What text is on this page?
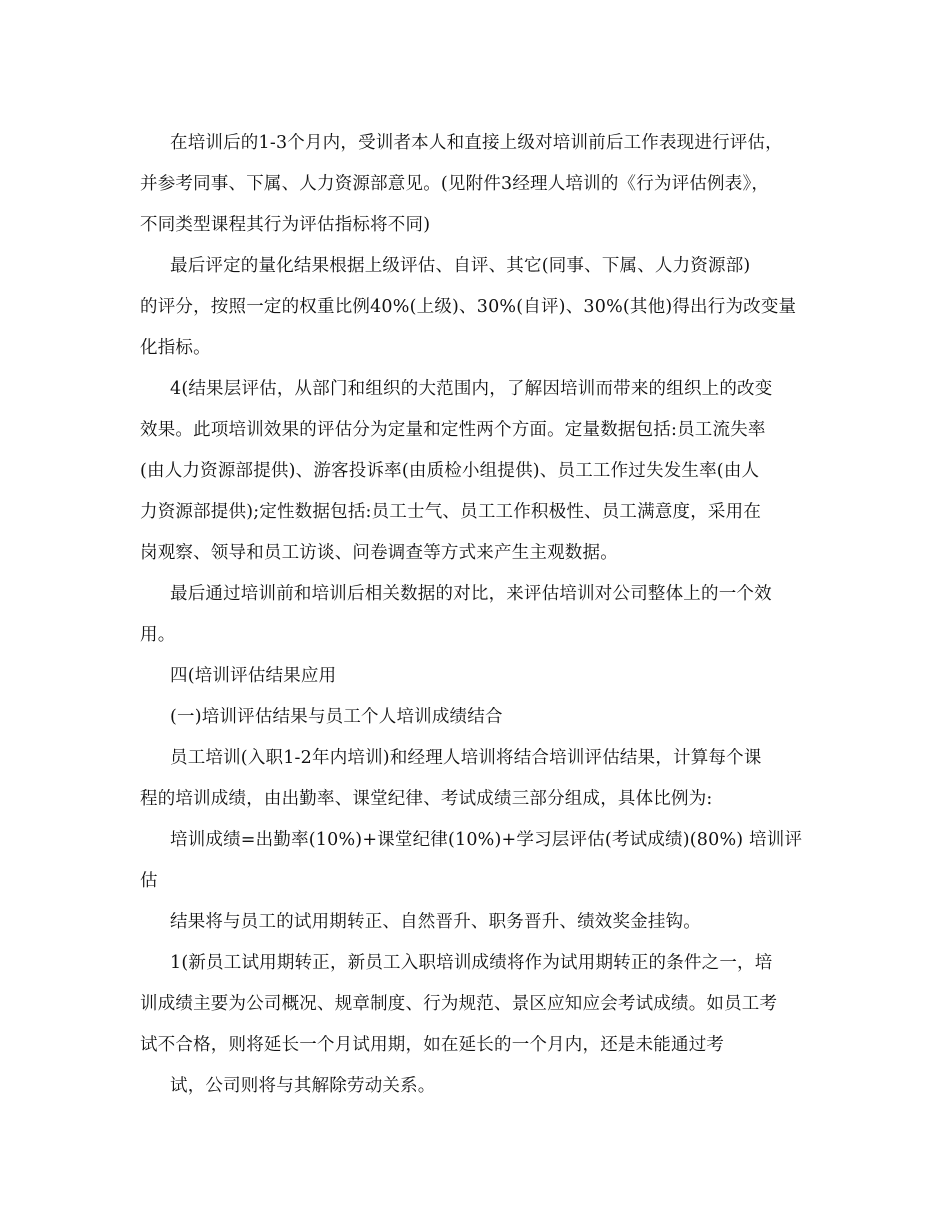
在培训后的1-3个月内，受训者本人和直接上级对培训前后工作表现进行评估，
并参考同事、下属、人力资源部意见。(见附件3经理人培训的《行为评估例表》，
不同类型课程其行为评估指标将不同)
最后评定的量化结果根据上级评估、自评、其它(同事、下属、人力资源部)
的评分，按照一定的权重比例40%(上级)、30%(自评)、30%(其他)得出行为改变量
化指标。
4(结果层评估，从部门和组织的大范围内，了解因培训而带来的组织上的改变
效果。此项培训效果的评估分为定量和定性两个方面。定量数据包括:员工流失率
(由人力资源部提供)、游客投诉率(由质检小组提供)、员工工作过失发生率(由人
力资源部提供);定性数据包括:员工士气、员工工作积极性、员工满意度，采用在
岗观察、领导和员工访谈、问卷调查等方式来产生主观数据。
最后通过培训前和培训后相关数据的对比，来评估培训对公司整体上的一个效
用。
四(培训评估结果应用
(一)培训评估结果与员工个人培训成绩结合
员工培训(入职1-2年内培训)和经理人培训将结合培训评估结果，计算每个课
程的培训成绩，由出勤率、课堂纪律、考试成绩三部分组成，具体比例为:
培训成绩=出勤率(10%)+课堂纪律(10%)+学习层评估(考试成绩)(80%) 培训评
估
结果将与员工的试用期转正、自然晋升、职务晋升、绩效奖金挂钩。
1(新员工试用期转正，新员工入职培训成绩将作为试用期转正的条件之一，培
训成绩主要为公司概况、规章制度、行为规范、景区应知应会考试成绩。如员工考
试不合格，则将延长一个月试用期，如在延长的一个月内，还是未能通过考
试，公司则将与其解除劳动关系。
